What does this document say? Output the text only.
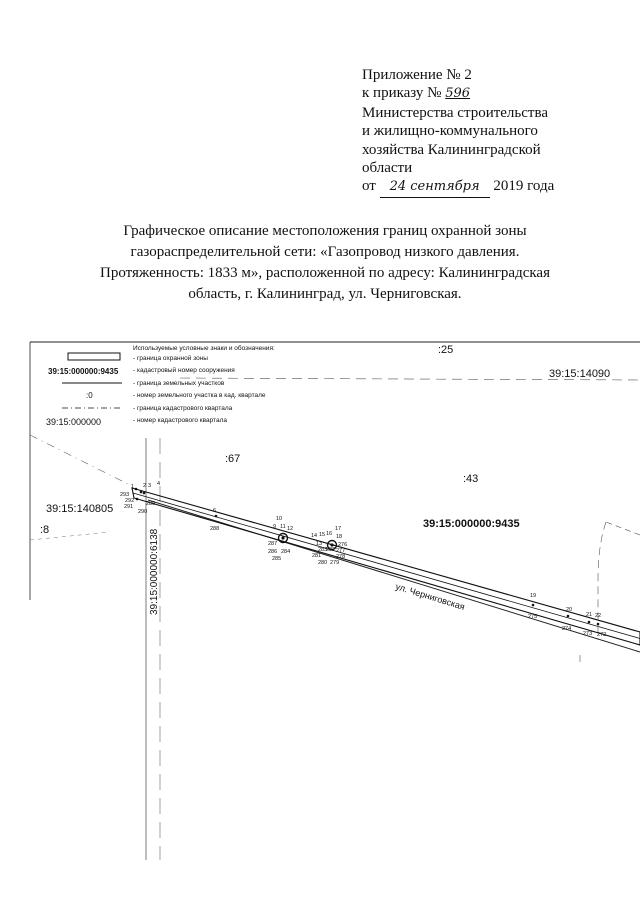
Приложение № 2
к приказу № 596
Министерства строительства
и жилищно-коммунального
хозяйства Калининградской
области
от 24 сентября 2019 года
Графическое описание местоположения границ охранной зоны
газораспределительной сети: «Газопровод низкого давления.
Протяженность: 1833 м», расположенной по адресу: Калининградская
область, г. Калининград, ул. Черниговская.
Используемые условные знаки и обозначения:
- граница охранной зоны
39:15:000000:9435 - кадастровый номер сооружения
- граница земельных участков
:0	- номер земельного участка в кад. квартале
- граница кадастрового квартала
39:15:000000	- номер кадастрового квартала
:25
39:15:14090
:67
:43
39:15:140805
:8	39:15:000000:9435
39:15:000000:6138	ул. Черниговская
1 2 3 4
293
292
291 289
290	6
288
10
9 11 12
287
286 284
285
14 15 16
17
18
13
283
281
276
277
278
280 279
282
19
275
20
274
21 22
273 272
